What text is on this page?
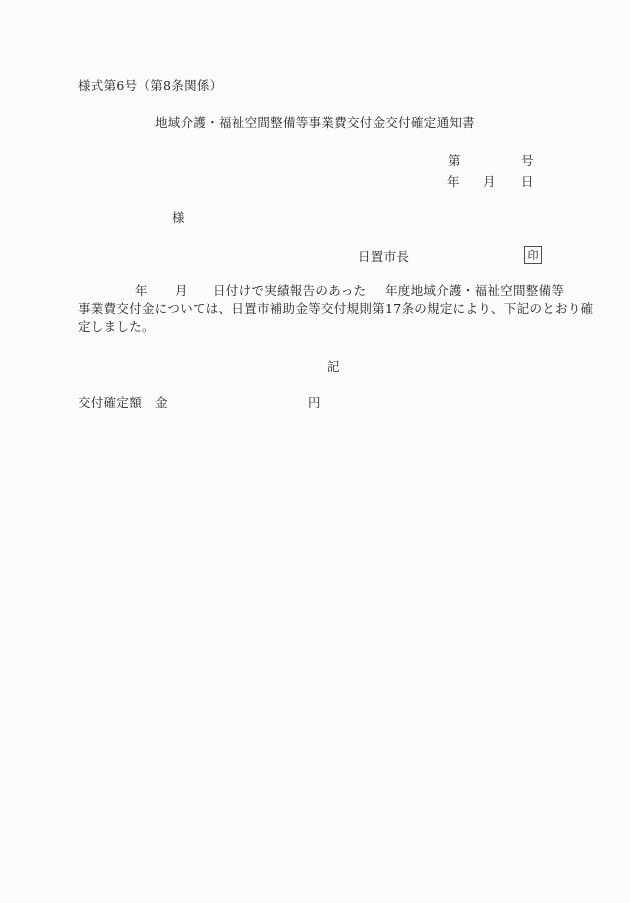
様式第6号（第8条関係）
地域介護・福祉空間整備等事業費交付金交付確定通知書
第	号
年 月 日
様
日置市長	印
年 月 日付けで実績報告のあった 年度地域介護・福祉空間整備等
事業費交付金については、日置市補助金等交付規則第17条の規定により、下記のとおり確
定しました。
記
交付確定額 金	円
